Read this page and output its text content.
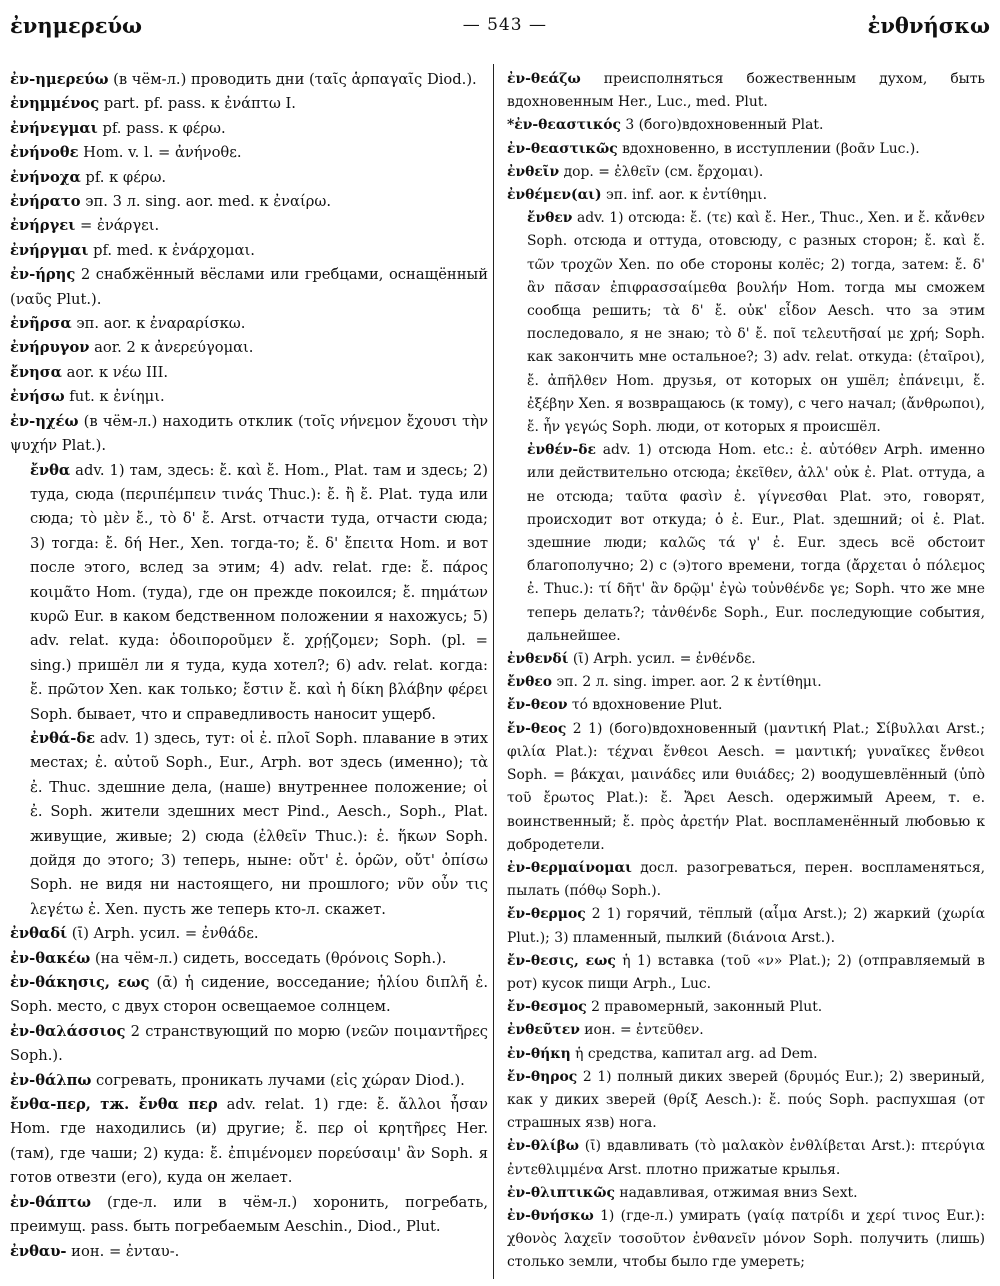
ἐνημερεύω	— 543 —	ἐνθνήσκω
ἐν-ημερεύω (в чём-л.) проводить дни (ταῖς ἁρπαγαῖς Diod.).
ἐνημμένος part. pf. pass. к ἐνάπτω I.
ἐνήνεγμαι pf. pass. к φέρω.
ἐνήνοθε Hom. v. l. = ἀνήνοθε.
ἐνήνοχα pf. к φέρω.
ἐνήρατο эп. 3 л. sing. aor. med. к ἐναίρω.
ἐνήργει = ἐνάργει.
ἐνήργμαι pf. med. к ἐνάρχομαι.
ἐν-ήρης 2 снабжённый вёслами или гребцами, оснащённый (ναῦς Plut.).
ἐνῆρσα эп. aor. к ἐναραρίσκω.
ἐνήρυγον aor. 2 к ἀνερεύγομαι.
ἔνησα aor. к νέω III.
ἐνήσω fut. к ἐνίημι.
ἐν-ηχέω (в чём-л.) находить отклик (τοῖς νήνεμον ἔχουσι τὴν ψυχήν Plat.).
ἔνθα adv. 1) там, здесь: ἔ. καὶ ἔ. Hom., Plat. там и здесь; 2) туда, сюда (περιπέμπειν τινάς Thuc.): ἔ. ἢ ἔ. Plat. туда или сюда; τὸ μὲν ἔ., τὸ δ' ἔ. Arst. отчасти туда, отчасти сюда; 3) тогда: ἔ. δή Her., Xen. тогда-то; ἔ. δ' ἔπειτα Hom. и вот после этого, вслед за этим; 4) adv. relat. где: ἔ. πάρος κοιμᾶτο Hom. (туда), где он прежде покоился; ἔ. πημάτων κυρῶ Eur. в каком бедственном положении я нахожусь; 5) adv. relat. куда: ὁδοιποροῦμεν ἔ. χρῄζομεν; Soph. (pl. = sing.) пришёл ли я туда, куда хотел?; 6) adv. relat. когда: ἔ. πρῶτον Xen. как только; ἔστιν ἔ. καὶ ἡ δίκη βλάβην φέρει Soph. бывает, что и справедливость наносит ущерб.
ἐνθά-δε adv. 1) здесь, тут: οἱ ἐ. πλοῖ Soph. плавание в этих местах; ἐ. αὐτοῦ Soph., Eur., Arph. вот здесь (именно); τὰ ἐ. Thuc. здешние дела, (наше) внутреннее положение; οἱ ἐ. Soph. жители здешних мест Pind., Aesch., Soph., Plat. живущие, живые; 2) сюда (ἐλθεῖν Thuc.): ἐ. ἥκων Soph. дойдя до этого; 3) теперь, ныне: οὔτ' ἐ. ὁρῶν, οὔτ' ὀπίσω Soph. не видя ни настоящего, ни прошлого; νῦν οὖν τις λεγέτω ἐ. Xen. пусть же теперь кто-л. скажет.
ἐνθαδί (ῑ) Arph. усил. = ἐνθάδε.
ἐν-θακέω (на чём-л.) сидеть, восседать (θρόνοις Soph.).
ἐν-θάκησις, εως (ᾱ) ἡ сидение, восседание; ἡλίου διπλῆ ἐ. Soph. место, с двух сторон освещаемое солнцем.
ἐν-θαλάσσιος 2 странствующий по морю (νεῶν ποιμαντῆρες Soph.).
ἐν-θάλπω согревать, проникать лучами (εἰς χώραν Diod.).
ἔνθα-περ, тж. ἔνθα περ adv. relat. 1) где: ἔ. ἄλλοι ἦσαν Hom. где находились (и) другие; ἔ. περ οἱ κρητῆρες Her. (там), где чаши; 2) куда: ἔ. ἐπιμένομεν πορεύσαιμ' ἂν Soph. я готов отвезти (его), куда он желает.
ἐν-θάπτω (где-л. или в чём-л.) хоронить, погребать, преимущ. pass. быть погребаемым Aeschin., Diod., Plut.
ἐνθαυ- ион. = ἐνταυ-.
ἐν-θεάζω преисполняться божественным духом, быть вдохновенным Her., Luc., med. Plut.
*ἐν-θεαστικός 3 (бого)вдохновенный Plat.
ἐν-θεαστικῶς вдохновенно, в исступлении (βοᾶν Luc.).
ἐνθεῖν дор. = ἐλθεῖν (см. ἔρχομαι).
ἐνθέμεν(αι) эп. inf. aor. к ἐντίθημι.
ἔνθεν adv. 1) отсюда: ἔ. (τε) καὶ ἔ. Her., Thuc., Xen. и ἔ. κἄνθεν Soph. отсюда и оттуда, отовсюду, с разных сторон; ἔ. καὶ ἔ. τῶν τροχῶν Xen. по обе стороны колёс; 2) тогда, затем: ἔ. δ' ἂν πᾶσαν ἐπιφρασσαίμεθα βουλήν Hom. тогда мы сможем сообща решить; τὰ δ' ἔ. οὐκ' εἶδον Aesch. что за этим последовало, я не знаю; τὸ δ' ἔ. ποῖ τελευτῆσαί με χρή; Soph. как закончить мне остальное?; 3) adv. relat. откуда: (ἑταῖροι), ἔ. ἀπῆλθεν Hom. друзья, от которых он ушёл; ἐπάνειμι, ἔ. ἐξέβην Xen. я возвращаюсь (к тому), с чего начал; (ἄνθρωποι), ἔ. ἦν γεγώς Soph. люди, от которых я происшёл.
ἐνθέν-δε adv. 1) отсюда Hom. etc.: ἐ. αὐτόθεν Arph. именно или действительно отсюда; ἐκεῖθεν, ἀλλ' οὐκ ἐ. Plat. оттуда, а не отсюда; ταῦτα φασὶν ἐ. γίγνεσθαι Plat. это, говорят, происходит вот откуда; ὁ ἐ. Eur., Plat. здешний; οἱ ἐ. Plat. здешние люди; καλῶς τά γ' ἐ. Eur. здесь всё обстоит благополучно; 2) с (э)того времени, тогда (ἄρχεται ὁ πόλεμος ἐ. Thuc.): τί δῆτ' ἂν δρῷμ' ἐγὼ τοὐνθένδε γε; Soph. что же мне теперь делать?; τἀνθένδε Soph., Eur. последующие события, дальнейшее.
ἐνθενδί (ῑ) Arph. усил. = ἐνθένδε.
ἔνθεο эп. 2 л. sing. imper. aor. 2 к ἐντίθημι.
ἔν-θεον τό вдохновение Plut.
ἔν-θεος 2 1) (бого)вдохновенный (μαντική Plat.; Σίβυλλαι Arst.; φιλία Plat.): τέχναι ἔνθεοι Aesch. = μαντική; γυναῖκες ἔνθεοι Soph. = βάκχαι, μαινάδες или θυιάδες; 2) воодушевлённый (ὑπὸ τοῦ ἔρωτος Plat.): ἔ. Ἄρει Aesch. одержимый Ареем, т. е. воинственный; ἔ. πρὸς ἀρετήν Plat. воспламенённый любовью к добродетели.
ἐν-θερμαίνομαι досл. разогреваться, перен. воспламеняться, пылать (πόθῳ Soph.).
ἔν-θερμος 2 1) горячий, тёплый (αἷμα Arst.); 2) жаркий (χωρία Plut.); 3) пламенный, пылкий (διάνοια Arst.).
ἔν-θεσις, εως ἡ 1) вставка (τοῦ «ν» Plat.); 2) (отправляемый в рот) кусок пищи Arph., Luc.
ἔν-θεσμος 2 правомерный, законный Plut.
ἐνθεῦτεν ион. = ἐντεῦθεν.
ἐν-θήκη ἡ средства, капитал arg. ad Dem.
ἔν-θηρος 2 1) полный диких зверей (δρυμός Eur.); 2) звериный, как у диких зверей (θρίξ Aesch.): ἔ. πούς Soph. распухшая (от страшных язв) нога.
ἐν-θλίβω (ῑ) вдавливать (τὸ μαλακὸν ἐνθλίβεται Arst.): πτερύγια ἐντεθλιμμένα Arst. плотно прижатые крылья.
ἐν-θλιπτικῶς надавливая, отжимая вниз Sext.
ἐν-θνήσκω 1) (где-л.) умирать (γαίᾳ πατρίδι и χερί τινος Eur.): χθονὸς λαχεῖν τοσοῦτον ἐνθανεῖν μόνον Soph. получить (лишь) столько земли, чтобы было где умереть;
